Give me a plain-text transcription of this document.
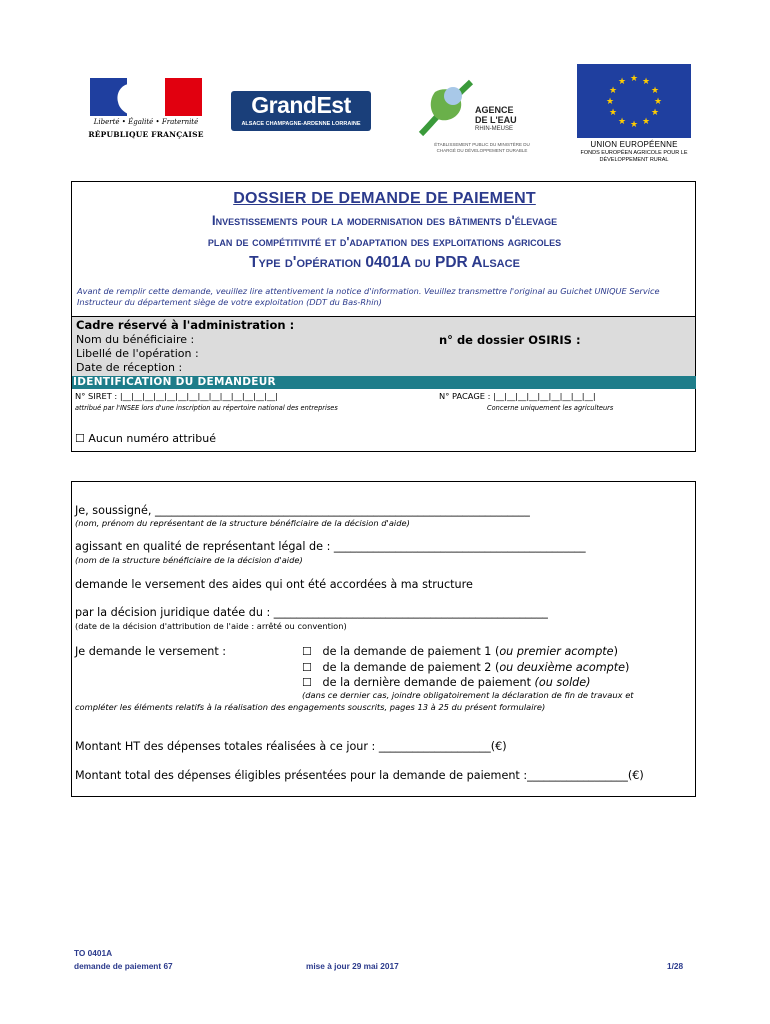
Liberté • Égalité • Fraternité
RÉPUBLIQUE FRANÇAISE
GrandEst
ALSACE CHAMPAGNE-ARDENNE LORRAINE
AGENCE
DE L'EAU
RHIN-MEUSE
ÉTABLISSEMENT PUBLIC DU MINISTÈRE DU CHARGÉ DU DÉVELOPPEMENT DURABLE
★ ★
★
★
★
★
★
★
★
★
★
★
UNION EUROPÉENNE
FONDS EUROPÉEN AGRICOLE POUR LE DÉVELOPPEMENT RURAL
DOSSIER DE DEMANDE DE PAIEMENT
Investissements pour la modernisation des bâtiments d'élevage
plan de compétitivité et d'adaptation des exploitations agricoles
Type d'opération 0401A du PDR Alsace
Avant de remplir cette demande, veuillez lire attentivement la notice d'information. Veuillez transmettre l'original au Guichet UNIQUE Service Instructeur du département siège de votre exploitation (DDT du Bas-Rhin)
Cadre réservé à l'administration :
Nom du bénéficiaire :
Libellé de l'opération :
Date de réception :
n° de dossier OSIRIS :
IDENTIFICATION DU DEMANDEUR
N° SIRET : |__|__|__|__|__|__|__|__|__|__|__|__|__|__|
attribué par l'INSEE lors d'une inscription au répertoire national des entreprises
N° PACAGE : |__|__|__|__|__|__|__|__|__|
Concerne uniquement les agriculteurs
☐ Aucun numéro attribué
Je, soussigné, ___________________________________________________________________
(nom, prénom du représentant de la structure bénéficiaire de la décision d'aide)
agissant en qualité de représentant légal de : _____________________________________________
(nom de la structure bénéficiaire de la décision d'aide)
demande le versement des aides qui ont été accordées à ma structure
par la décision juridique datée du : _________________________________________________
(date de la décision d'attribution de l'aide : arrêté ou convention)
Je demande le versement :	☐ de la demande de paiement 1 (ou premier acompte)
☐ de la demande de paiement 2 (ou deuxième acompte)
☐ de la dernière demande de paiement (ou solde)
(dans ce dernier cas, joindre obligatoirement la déclaration de fin de travaux et
compléter les éléments relatifs à la réalisation des engagements souscrits, pages 13 à 25 du présent formulaire)
Montant HT des dépenses totales réalisées à ce jour : ____________________(€)
Montant total des dépenses éligibles présentées pour la demande de paiement :__________________(€)
TO 0401A
demande de paiement 67	mise à jour 29 mai 2017	1/28
